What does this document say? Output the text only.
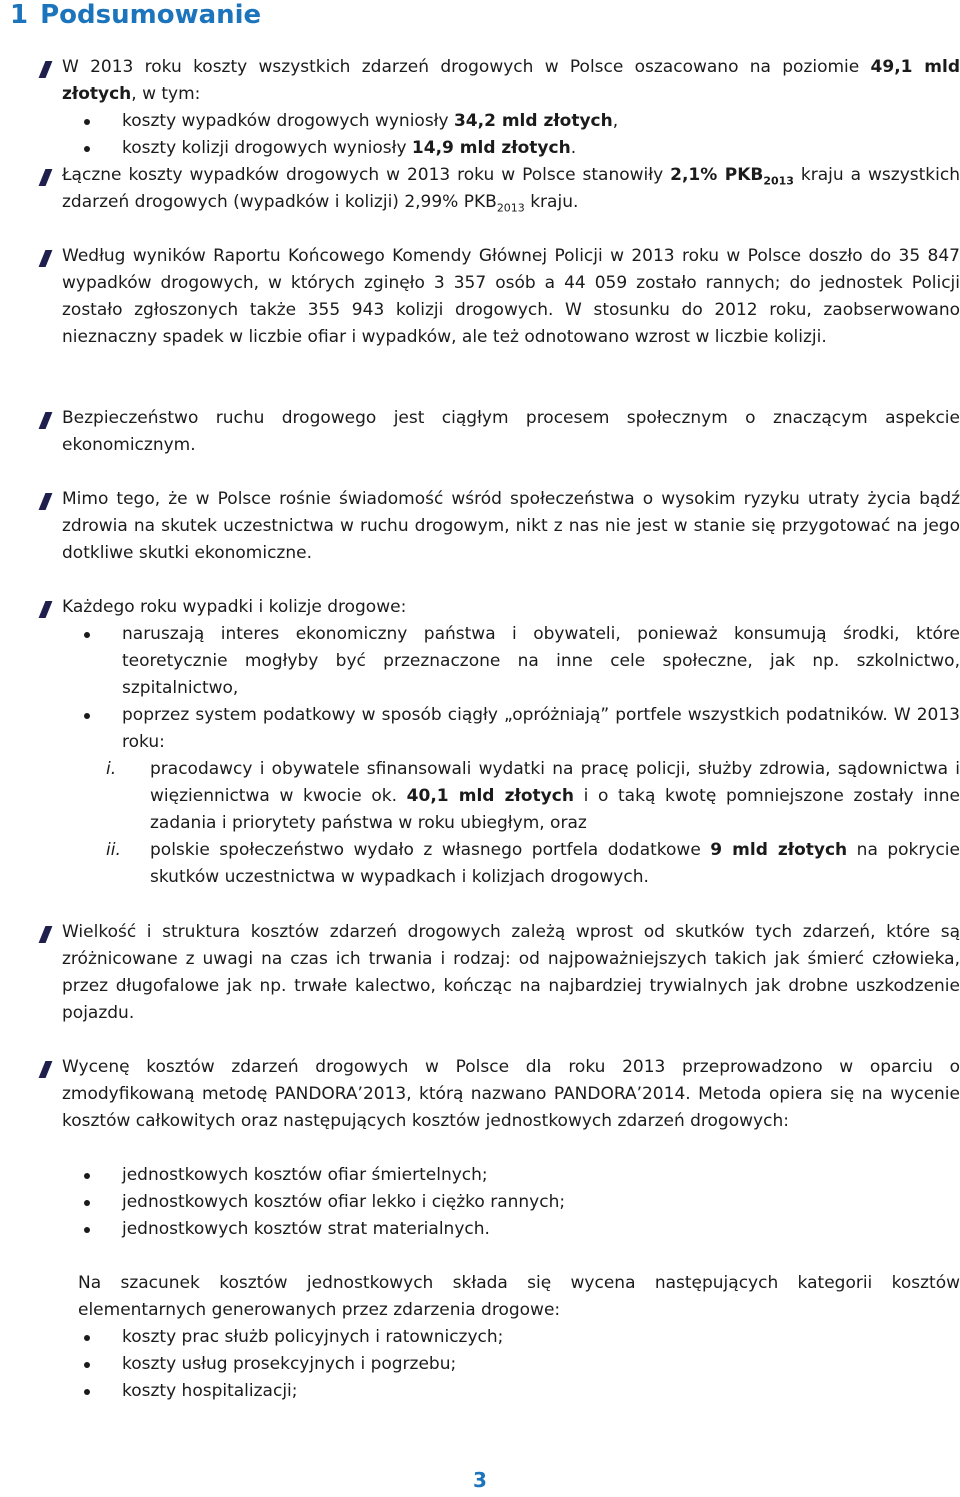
1 Podsumowanie
W 2013 roku koszty wszystkich zdarzeń drogowych w Polsce oszacowano na poziomie 49,1 mld złotych, w tym:
koszty wypadków drogowych wyniosły 34,2 mld złotych,
koszty kolizji drogowych wyniosły 14,9 mld złotych.
Łączne koszty wypadków drogowych w 2013 roku w Polsce stanowiły 2,1% $PKB_{2013}$ kraju a wszystkich zdarzeń drogowych (wypadków i kolizji) 2,99% $PKB_{2013}$ kraju.
Według wyników Raportu Końcowego Komendy Głównej Policji w 2013 roku w Polsce doszło do 35 847 wypadków drogowych, w których zginęło 3 357 osób a 44 059 zostało rannych; do jednostek Policji zostało zgłoszonych także 355 943 kolizji drogowych. W stosunku do 2012 roku, zaobserwowano nieznaczny spadek w liczbie ofiar i wypadków, ale też odnotowano wzrost w liczbie kolizji.
Bezpieczeństwo ruchu drogowego jest ciągłym procesem społecznym o znaczącym aspekcie ekonomicznym.
Mimo tego, że w Polsce rośnie świadomość wśród społeczeństwa o wysokim ryzyku utraty życia bądź zdrowia na skutek uczestnictwa w ruchu drogowym, nikt z nas nie jest w stanie się przygotować na jego dotkliwe skutki ekonomiczne.
Każdego roku wypadki i kolizje drogowe:
naruszają interes ekonomiczny państwa i obywateli, ponieważ konsumują środki, które teoretycznie mogłyby być przeznaczone na inne cele społeczne, jak np. szkolnictwo, szpitalnictwo,
poprzez system podatkowy w sposób ciągły „opróżniają” portfele wszystkich podatników. W 2013 roku:
i. pracodawcy i obywatele sfinansowali wydatki na pracę policji, służby zdrowia, sądownictwa i więziennictwa w kwocie ok. 40,1 mld złotych i o taką kwotę pomniejszone zostały inne zadania i priorytety państwa w roku ubiegłym, oraz
ii. polskie społeczeństwo wydało z własnego portfela dodatkowe 9 mld złotych na pokrycie skutków uczestnictwa w wypadkach i kolizjach drogowych.
Wielkość i struktura kosztów zdarzeń drogowych zależą wprost od skutków tych zdarzeń, które są zróżnicowane z uwagi na czas ich trwania i rodzaj: od najpoważniejszych takich jak śmierć człowieka, przez długofalowe jak np. trwałe kalectwo, kończąc na najbardziej trywialnych jak drobne uszkodzenie pojazdu.
Wycenę kosztów zdarzeń drogowych w Polsce dla roku 2013 przeprowadzono w oparciu o zmodyfikowaną metodę PANDORA’2013, którą nazwano PANDORA’2014. Metoda opiera się na wycenie kosztów całkowitych oraz następujących kosztów jednostkowych zdarzeń drogowych:
jednostkowych kosztów ofiar śmiertelnych;
jednostkowych kosztów ofiar lekko i ciężko rannych;
jednostkowych kosztów strat materialnych.
Na szacunek kosztów jednostkowych składa się wycena następujących kategorii kosztów elementarnych generowanych przez zdarzenia drogowe:
koszty prac służb policyjnych i ratowniczych;
koszty usług prosekcyjnych i pogrzebu;
koszty hospitalizacji;
3
